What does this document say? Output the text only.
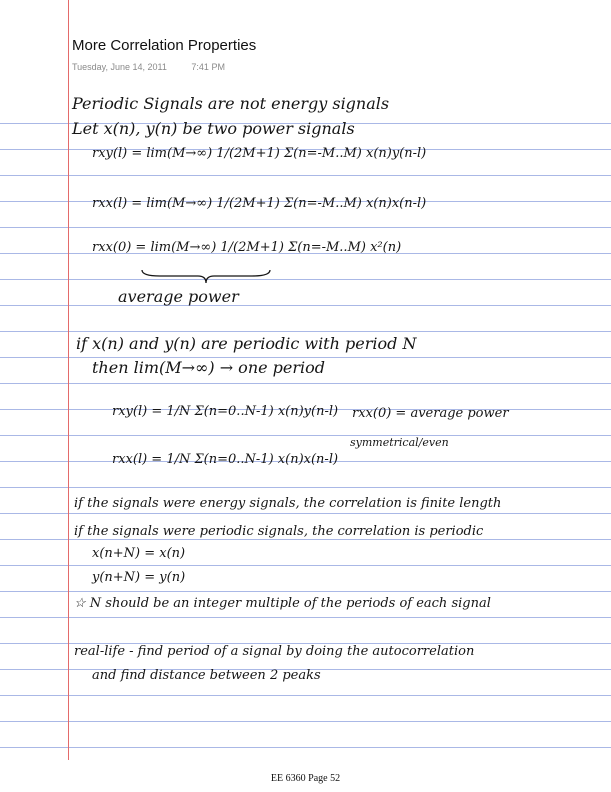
More Correlation Properties
Tuesday, June 14, 2011	7:41 PM
Periodic Signals are not energy signals
Let x(n), y(n) be two power signals
rxy(l) = lim(M→∞) 1/(2M+1) Σ(n=-M..M) x(n)y(n-l)
rxx(l) = lim(M→∞) 1/(2M+1) Σ(n=-M..M) x(n)x(n-l)
rxx(0) = lim(M→∞) 1/(2M+1) Σ(n=-M..M) x²(n)
average power
if x(n) and y(n) are periodic with period N
then lim(M→∞) → one period
rxy(l) = 1/N Σ(n=0..N-1) x(n)y(n-l)
rxx(l) = 1/N Σ(n=0..N-1) x(n)x(n-l)
rxx(0) = average power
symmetrical/even
if the signals were energy signals, the correlation is finite length
if the signals were periodic signals, the correlation is periodic
x(n+N) = x(n)
y(n+N) = y(n)
☆ N should be an integer multiple of the periods of each signal
real-life - find period of a signal by doing the autocorrelation
and find distance between 2 peaks
EE 6360 Page 52
